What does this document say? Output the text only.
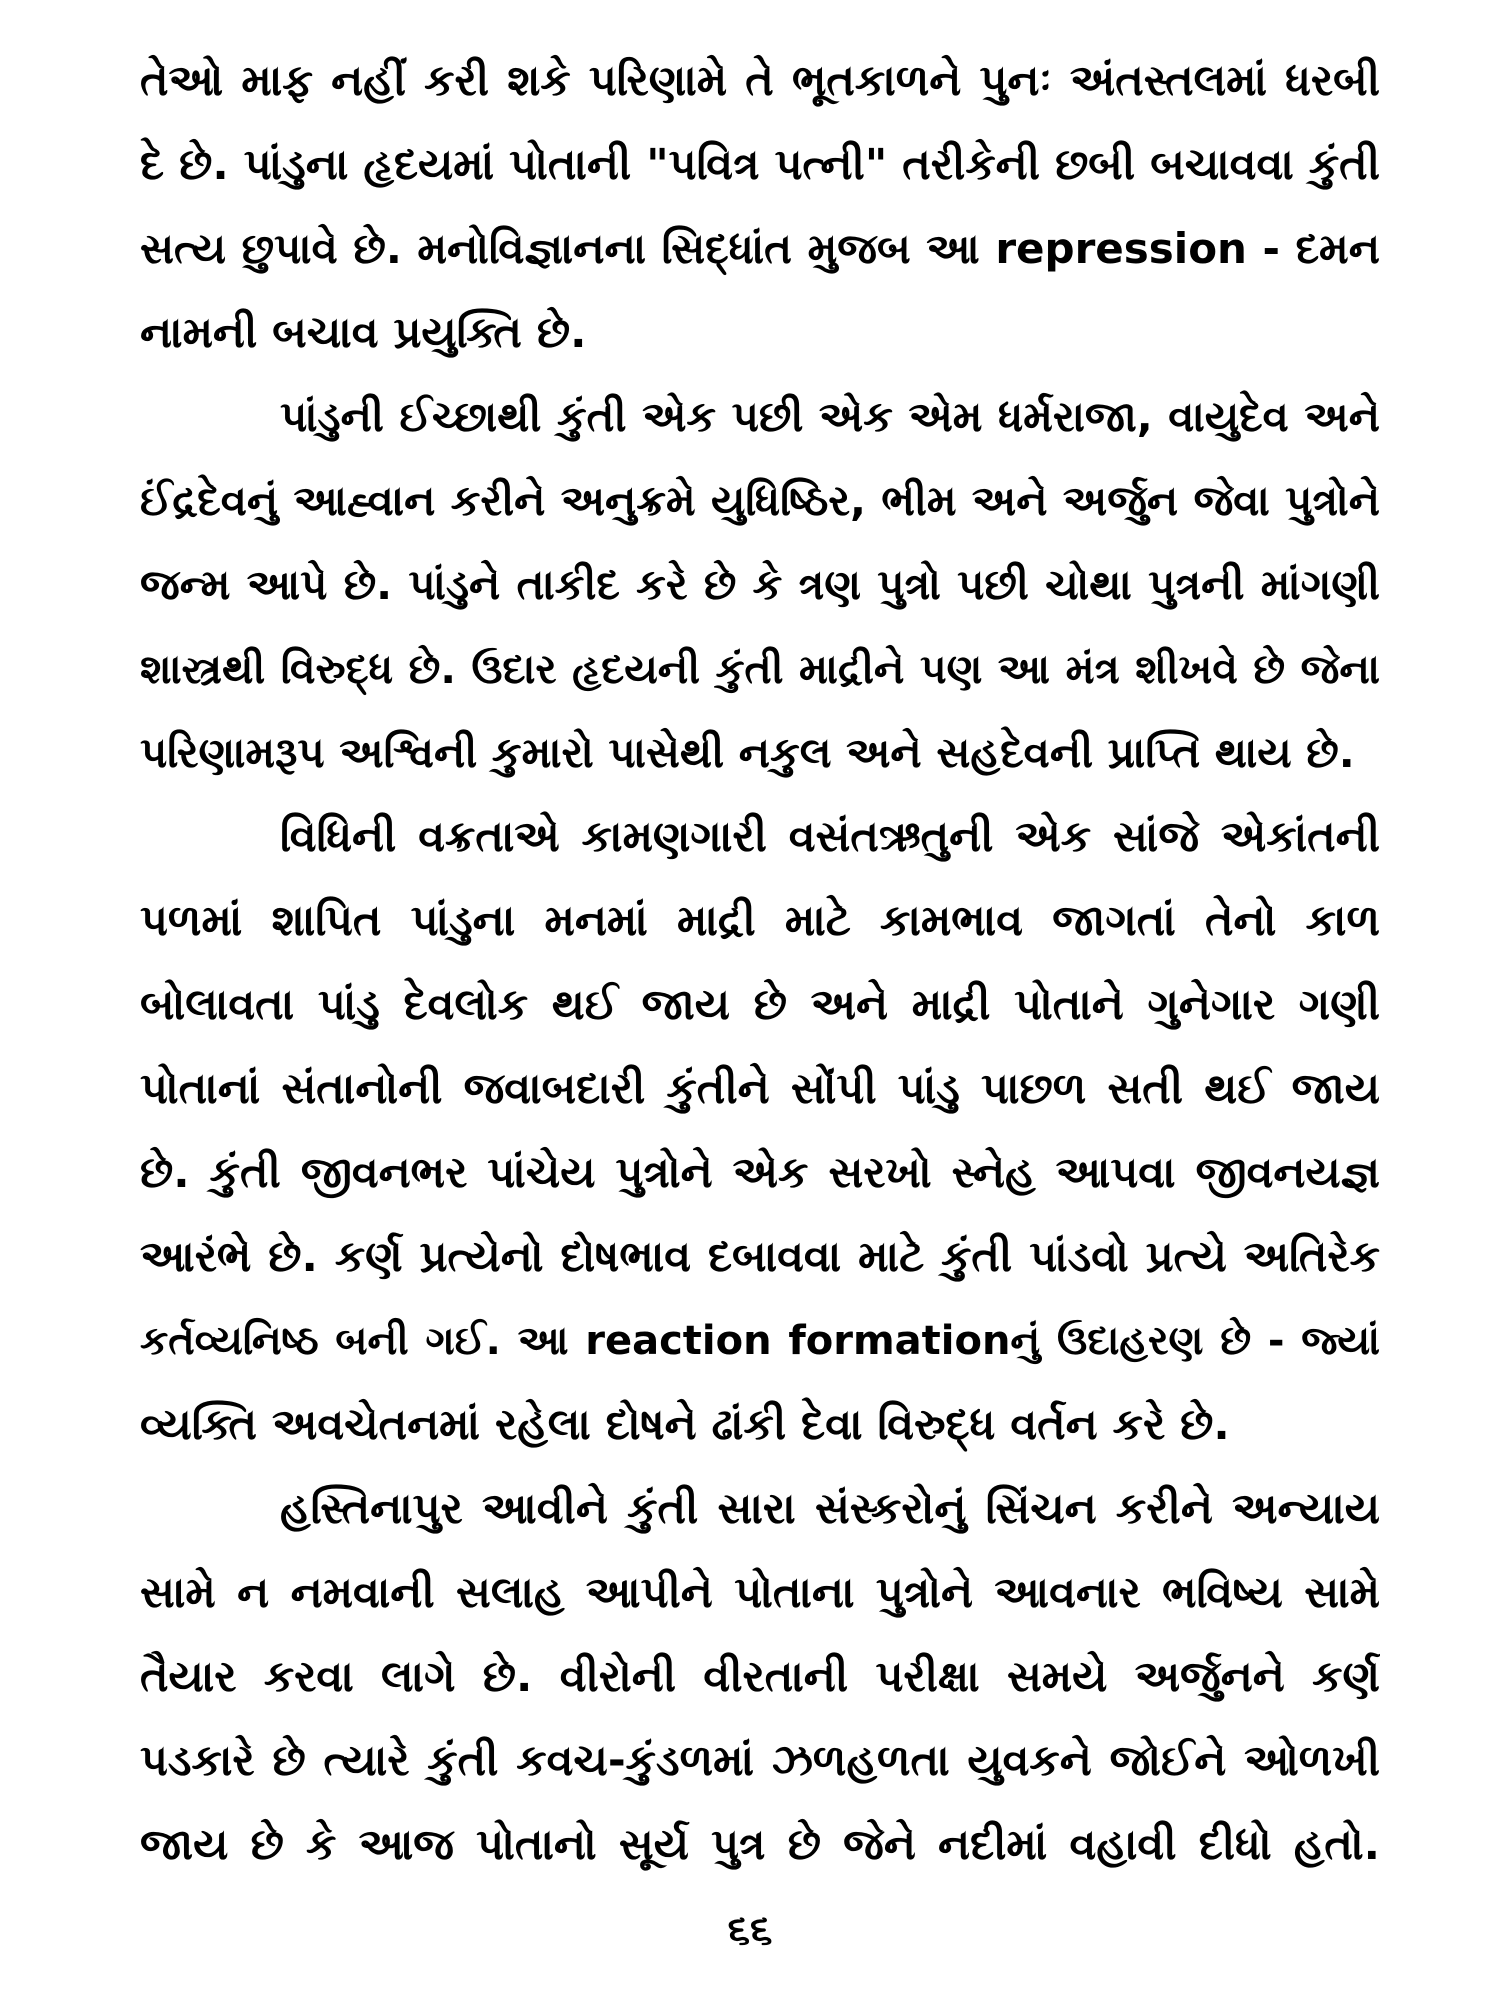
તેઓ માફ નહીં કરી શકે પરિણામે તે ભૂતકાળને પુનઃ અંતસ્તલમાં ધરબી
દે છે. પાંડુના હૃદયમાં પોતાની "પવિત્ર પત્ની" તરીકેની છબી બચાવવા કુંતી
સત્ય છુપાવે છે. મનોવિજ્ઞાનના સિદ્ધાંત મુજબ આ repression - દમન
નામની બચાવ પ્રયુક્તિ છે.
પાંડુની ઈચ્છાથી કુંતી એક પછી એક એમ ધર્મરાજા, વાયુદેવ અને
ઈંદ્રદેવનું આહ્વાન કરીને અનુક્રમે યુધિષ્ઠિર, ભીમ અને અર્જુન જેવા પુત્રોને
જન્મ આપે છે. પાંડુને તાકીદ કરે છે કે ત્રણ પુત્રો પછી ચોથા પુત્રની માંગણી
શાસ્ત્રથી વિરુદ્ધ છે. ઉદાર હૃદયની કુંતી માદ્રીને પણ આ મંત્ર શીખવે છે જેના
પરિણામરૂપ અશ્વિની કુમારો પાસેથી નકુલ અને સહદેવની પ્રાપ્તિ થાય છે.
વિધિની વક્રતાએ કામણગારી વસંતઋતુની એક સાંજે એકાંતની
પળમાં શાપિત પાંડુના મનમાં માદ્રી માટે કામભાવ જાગતાં તેનો કાળ
બોલાવતા પાંડુ દેવલોક થઈ જાય છે અને માદ્રી પોતાને ગુનેગાર ગણી
પોતાનાં સંતાનોની જવાબદારી કુંતીને સોંપી પાંડુ પાછળ સતી થઈ જાય
છે. કુંતી જીવનભર પાંચેય પુત્રોને એક સરખો સ્નેહ આપવા જીવનયજ્ઞ
આરંભે છે. કર્ણ પ્રત્યેનો દોષભાવ દબાવવા માટે કુંતી પાંડવો પ્રત્યે અતિરેક
કર્તવ્યનિષ્ઠ બની ગઈ. આ reaction formationનું ઉદાહરણ છે - જ્યાં
વ્યક્તિ અવચેતનમાં રહેલા દોષને ઢાંકી દેવા વિરુદ્ધ વર્તન કરે છે.
હસ્તિનાપુર આવીને કુંતી સારા સંસ્કરોનું સિંચન કરીને અન્યાય
સામે ન નમવાની સલાહ આપીને પોતાના પુત્રોને આવનાર ભવિષ્ય સામે
તૈયાર કરવા લાગે છે. વીરોની વીરતાની પરીક્ષા સમયે અર્જુનને કર્ણ
પડકારે છે ત્યારે કુંતી કવચ-કુંડળમાં ઝળહળતા યુવકને જોઈને ઓળખી
જાય છે કે આજ પોતાનો સૂર્ય પુત્ર છે જેને નદીમાં વહાવી દીધો હતો.
૬૬
